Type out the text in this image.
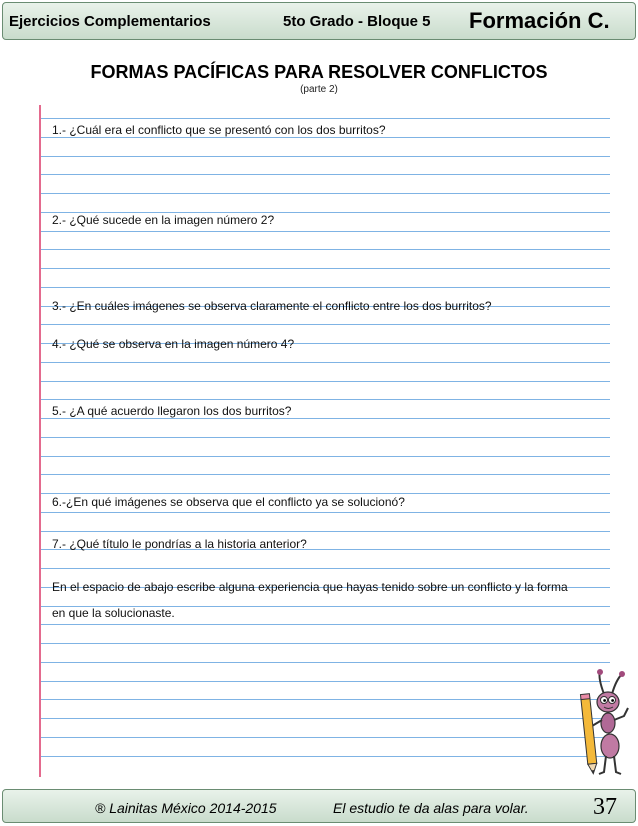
Ejercicios Complementarios	5to Grado - Bloque 5 Formación C.
FORMAS PACÍFICAS PARA RESOLVER CONFLICTOS
(parte 2)
1.- ¿Cuál era el conflicto que se presentó con los dos burritos?
2.- ¿Qué sucede en la imagen número 2?
3.- ¿En cuáles imágenes se observa claramente el conflicto entre los dos burritos?
4.- ¿Qué se observa en la imagen número 4?
5.- ¿A qué acuerdo llegaron los dos burritos?
6.-¿En qué imágenes se observa que el conflicto ya se solucionó?
7.- ¿Qué título le pondrías a la historia anterior?
En el espacio de abajo escribe alguna experiencia que hayas tenido sobre un conflicto y la forma
en que la solucionaste.
® Lainitas México 2014-2015	El estudio te da alas para volar.	37
